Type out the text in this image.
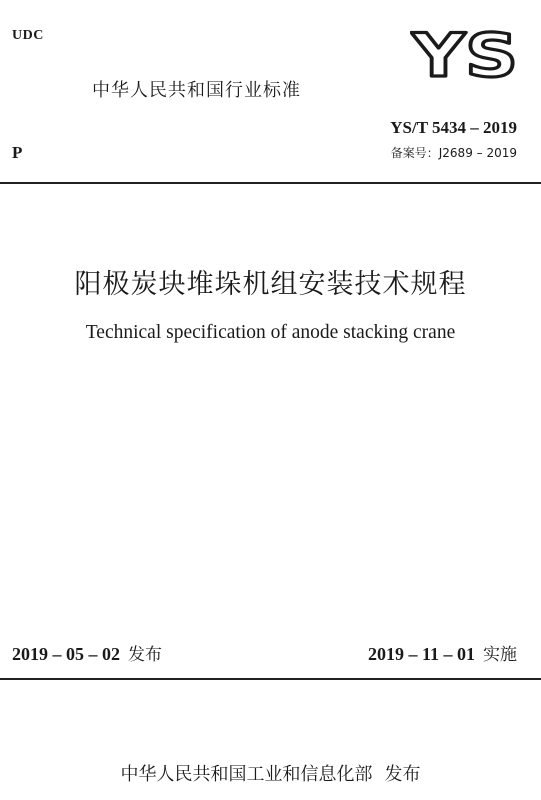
UDC	YS
中华人民共和国行业标准
P
YS/T 5434 – 2019
备案号：J2689 – 2019
阳极炭块堆垛机组安装技术规程
Technical specification of anode stacking crane
2019 – 05 – 02 发布	2019 – 11 – 01 实施
中华人民共和国工业和信息化部 发布
